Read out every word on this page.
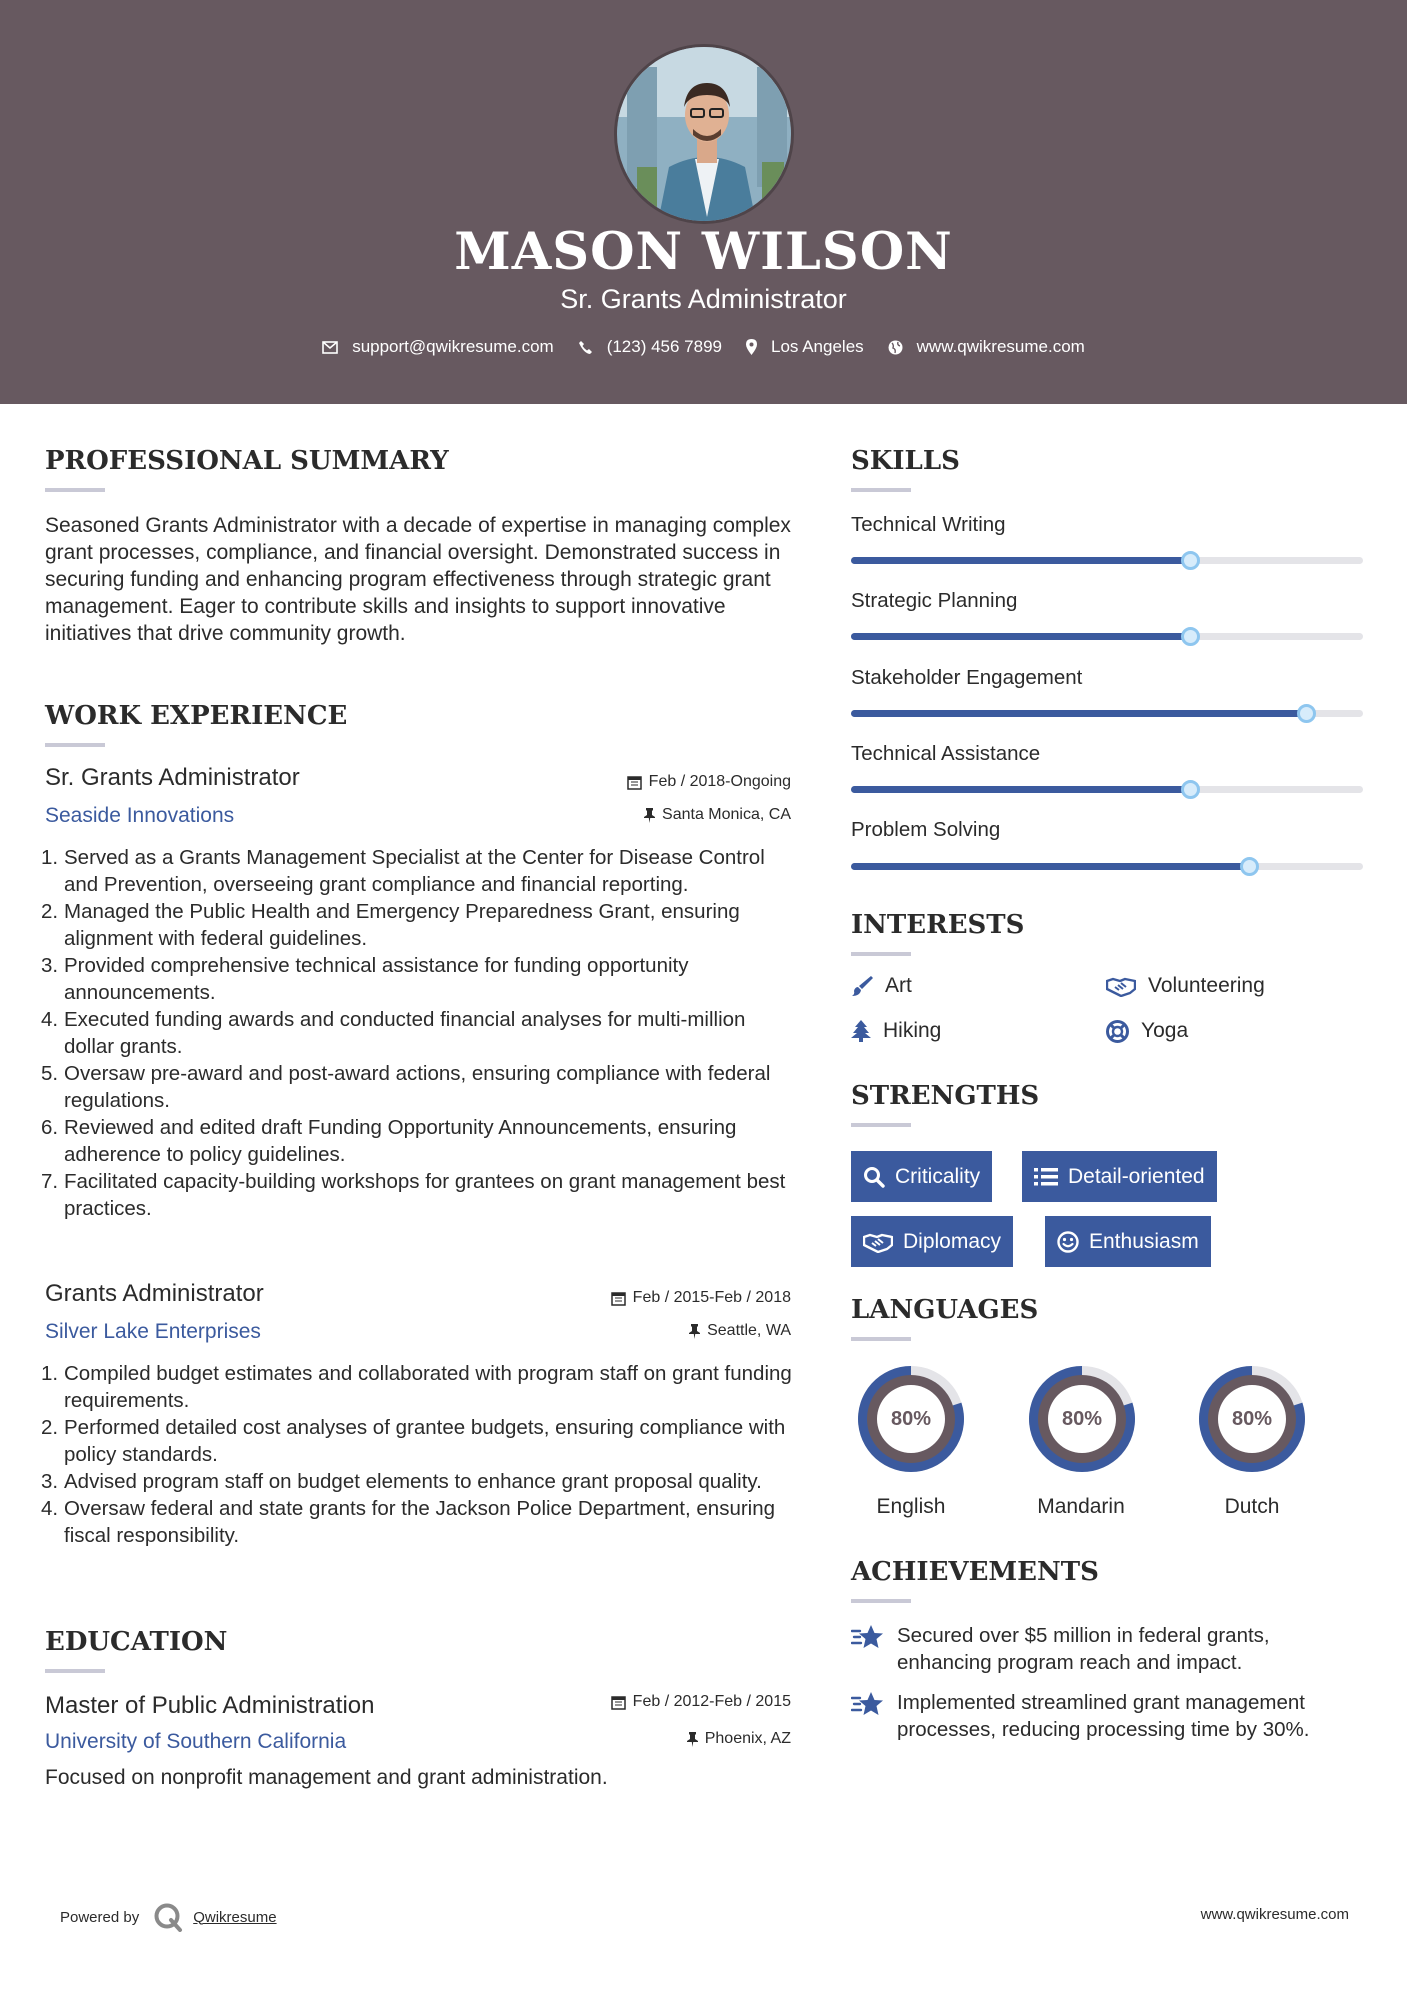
MASON WILSON
Sr. Grants Administrator
support@qwikresume.com	(123) 456 7899	Los Angeles	www.qwikresume.com
PROFESSIONAL SUMMARY
Seasoned Grants Administrator with a decade of expertise in managing complex grant processes, compliance, and financial oversight. Demonstrated success in securing funding and enhancing program effectiveness through strategic grant management. Eager to contribute skills and insights to support innovative initiatives that drive community growth.
WORK EXPERIENCE
Sr. Grants Administrator	Feb / 2018-Ongoing
Seaside Innovations	Santa Monica, CA
1. Served as a Grants Management Specialist at the Center for Disease Control and Prevention, overseeing grant compliance and financial reporting.
2. Managed the Public Health and Emergency Preparedness Grant, ensuring alignment with federal guidelines.
3. Provided comprehensive technical assistance for funding opportunity announcements.
4. Executed funding awards and conducted financial analyses for multi-million dollar grants.
5. Oversaw pre-award and post-award actions, ensuring compliance with federal regulations.
6. Reviewed and edited draft Funding Opportunity Announcements, ensuring adherence to policy guidelines.
7. Facilitated capacity-building workshops for grantees on grant management best practices.
Grants Administrator	Feb / 2015-Feb / 2018
Silver Lake Enterprises	Seattle, WA
1. Compiled budget estimates and collaborated with program staff on grant funding requirements.
2. Performed detailed cost analyses of grantee budgets, ensuring compliance with policy standards.
3. Advised program staff on budget elements to enhance grant proposal quality.
4. Oversaw federal and state grants for the Jackson Police Department, ensuring fiscal responsibility.
EDUCATION
Master of Public Administration	Feb / 2012-Feb / 2015
University of Southern California	Phoenix, AZ
Focused on nonprofit management and grant administration.
SKILLS
Technical Writing
Strategic Planning
Stakeholder Engagement
Technical Assistance
Problem Solving
INTERESTS
Art	Volunteering
Hiking	Yoga
STRENGTHS
Criticality	Detail-oriented
Diplomacy	Enthusiasm
LANGUAGES
80%
English
80%
Mandarin
80%
Dutch
ACHIEVEMENTS
Secured over $5 million in federal grants, enhancing program reach and impact.
Implemented streamlined grant management processes, reducing processing time by 30%.
Powered by	Qwikresume	www.qwikresume.com
